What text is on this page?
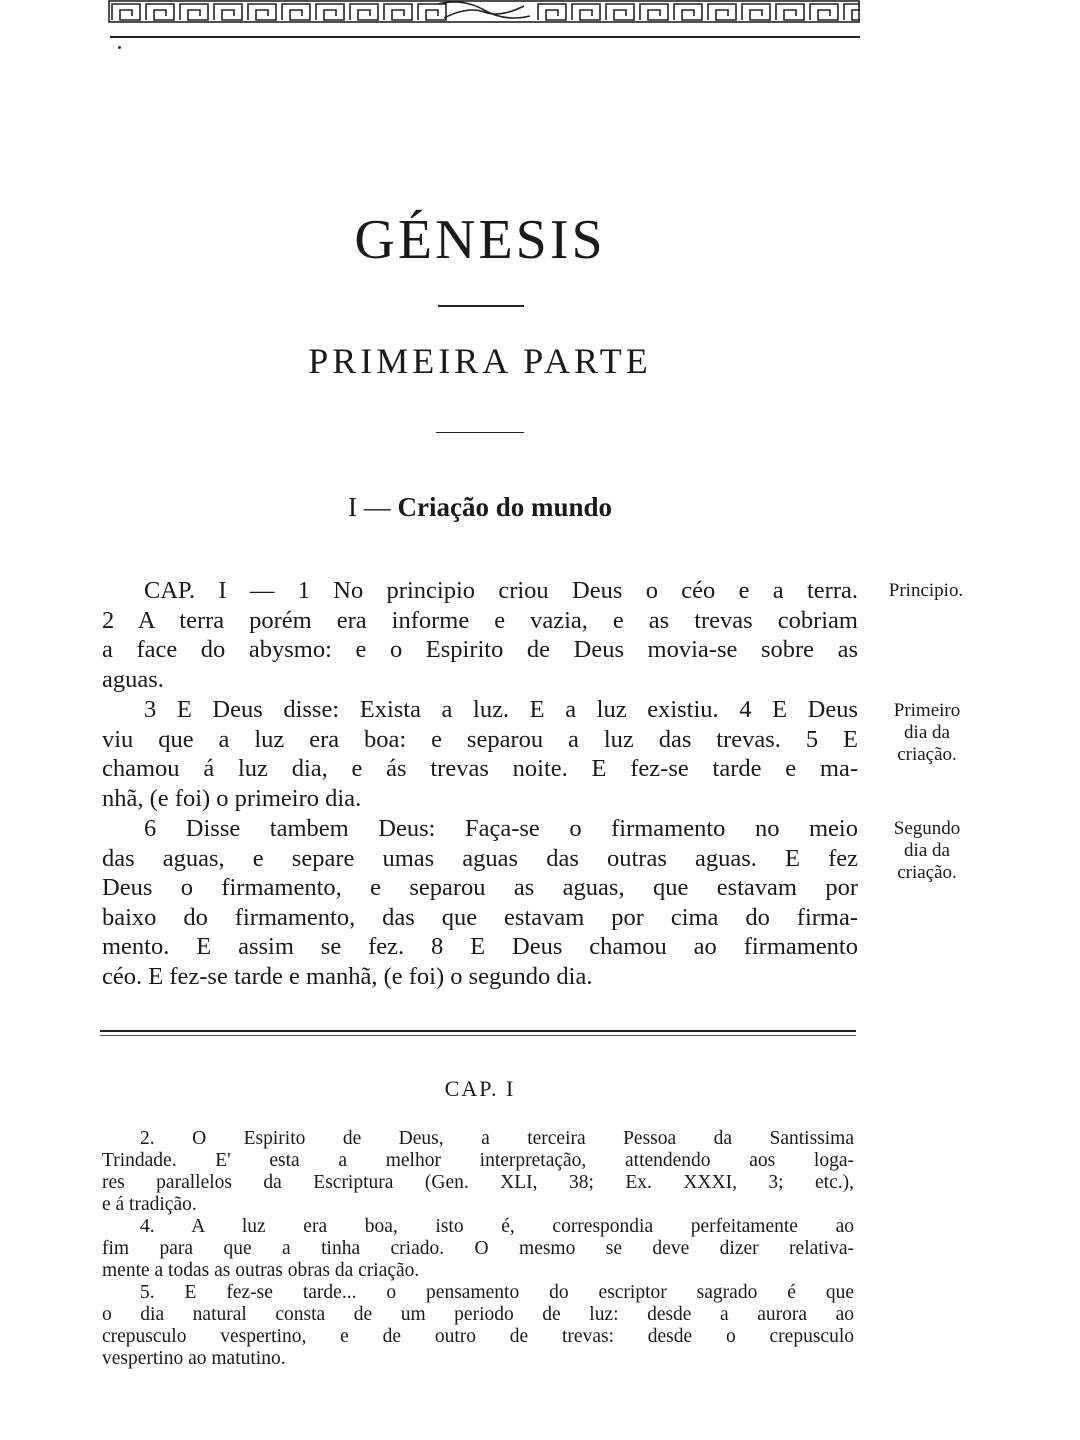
GÉNESIS
PRIMEIRA PARTE
I — Criação do mundo
CAP. I — 1 No principio criou Deus o céo e a terra.
2 A terra porém era informe e vazia, e as trevas cobriam
a face do abysmo: e o Espirito de Deus movia-se sobre as
aguas.
3 E Deus disse: Exista a luz. E a luz existiu. 4 E Deus
viu que a luz era boa: e separou a luz das trevas. 5 E
chamou á luz dia, e ás trevas noite. E fez-se tarde e ma-
nhã, (e foi) o primeiro dia.
6 Disse tambem Deus: Faça-se o firmamento no meio
das aguas, e separe umas aguas das outras aguas. E fez
Deus o firmamento, e separou as aguas, que estavam por
baixo do firmamento, das que estavam por cima do firma-
mento. E assim se fez. 8 E Deus chamou ao firmamento
céo. E fez-se tarde e manhã, (e foi) o segundo dia.
Principio.
Primeiro
dia da
criação.
Segundo
dia da
criação.
CAP. I
2. O Espirito de Deus, a terceira Pessoa da Santissima
Trindade. E' esta a melhor interpretação, attendendo aos loga-
res parallelos da Escriptura (Gen. XLI, 38; Ex. XXXI, 3; etc.),
e á tradição.
4. A luz era boa, isto é, correspondia perfeitamente ao
fim para que a tinha criado. O mesmo se deve dizer relativa-
mente a todas as outras obras da criação.
5. E fez-se tarde... o pensamento do escriptor sagrado é que
o dia natural consta de um periodo de luz: desde a aurora ao
crepusculo vespertino, e de outro de trevas: desde o crepusculo
vespertino ao matutino.
